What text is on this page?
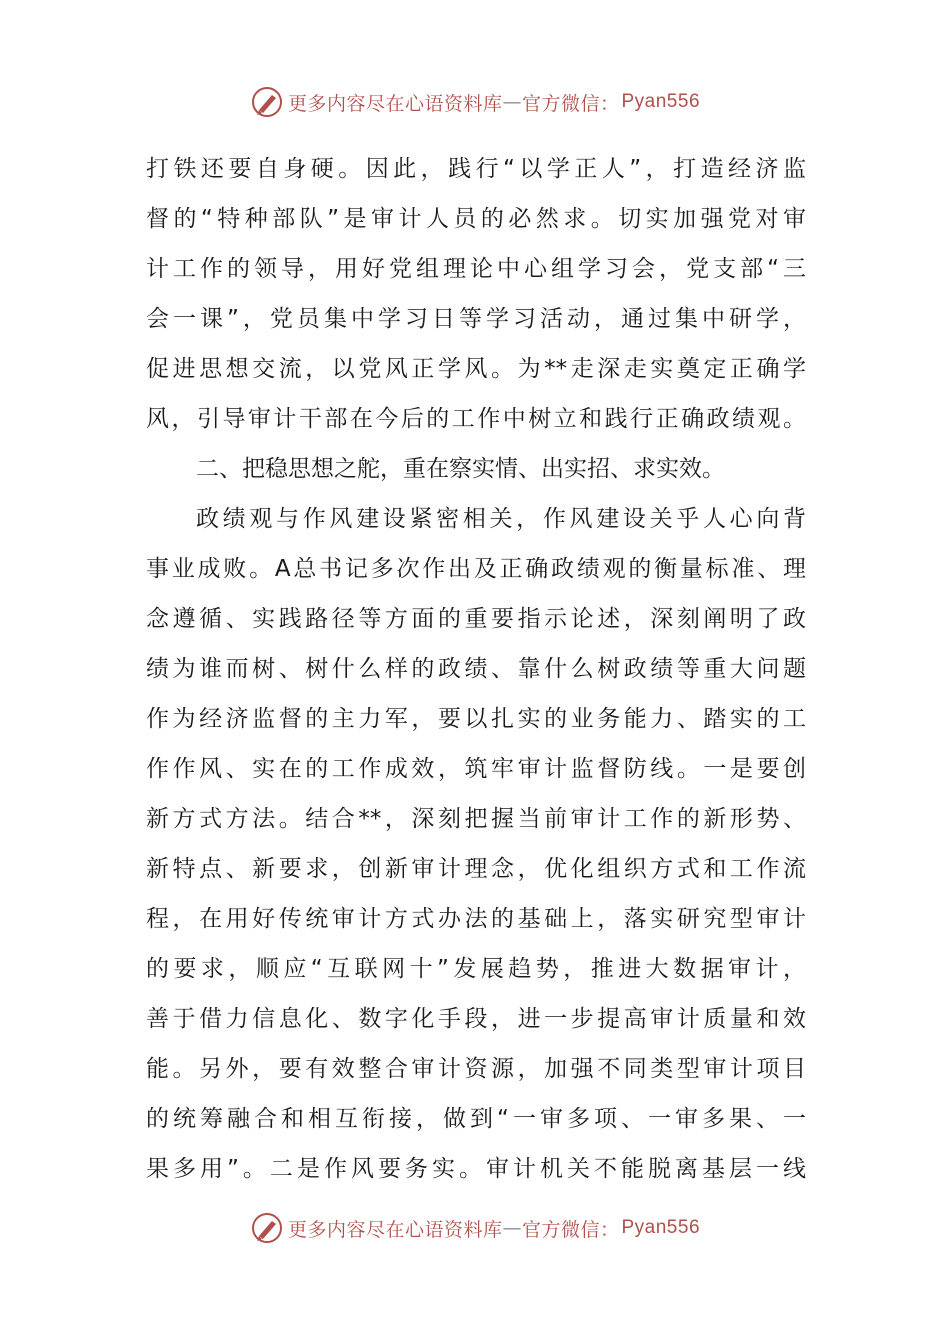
更多内容尽在心语资料库 — 官方微信： Pyan556
打铁还要自身硬。因此，践行“以学正人”，打造经济监
督的“特种部队”是审计人员的必然求。切实加强党对审
计工作的领导，用好党组理论中心组学习会，党支部“三
会一课”，党员集中学习日等学习活动，通过集中研学，
促进思想交流，以党风正学风。为**走深走实奠定正确学
风，引导审计干部在今后的工作中树立和践行正确政绩观。
二、把稳思想之舵，重在察实情、出实招、求实效。
政绩观与作风建设紧密相关，作风建设关乎人心向背
事业成败。A总书记多次作出及正确政绩观的衡量标准、理
念遵循、实践路径等方面的重要指示论述，深刻阐明了政
绩为谁而树、树什么样的政绩、靠什么树政绩等重大问题
作为经济监督的主力军，要以扎实的业务能力、踏实的工
作作风、实在的工作成效，筑牢审计监督防线。一是要创
新方式方法。结合**，深刻把握当前审计工作的新形势、
新特点、新要求，创新审计理念，优化组织方式和工作流
程，在用好传统审计方式办法的基础上，落实研究型审计
的要求，顺应“互联网十”发展趋势，推进大数据审计，
善于借力信息化、数字化手段，进一步提高审计质量和效
能。另外，要有效整合审计资源，加强不同类型审计项目
的统筹融合和相互衔接，做到“一审多项、一审多果、一
果多用”。二是作风要务实。审计机关不能脱离基层一线
更多内容尽在心语资料库 — 官方微信： Pyan556
